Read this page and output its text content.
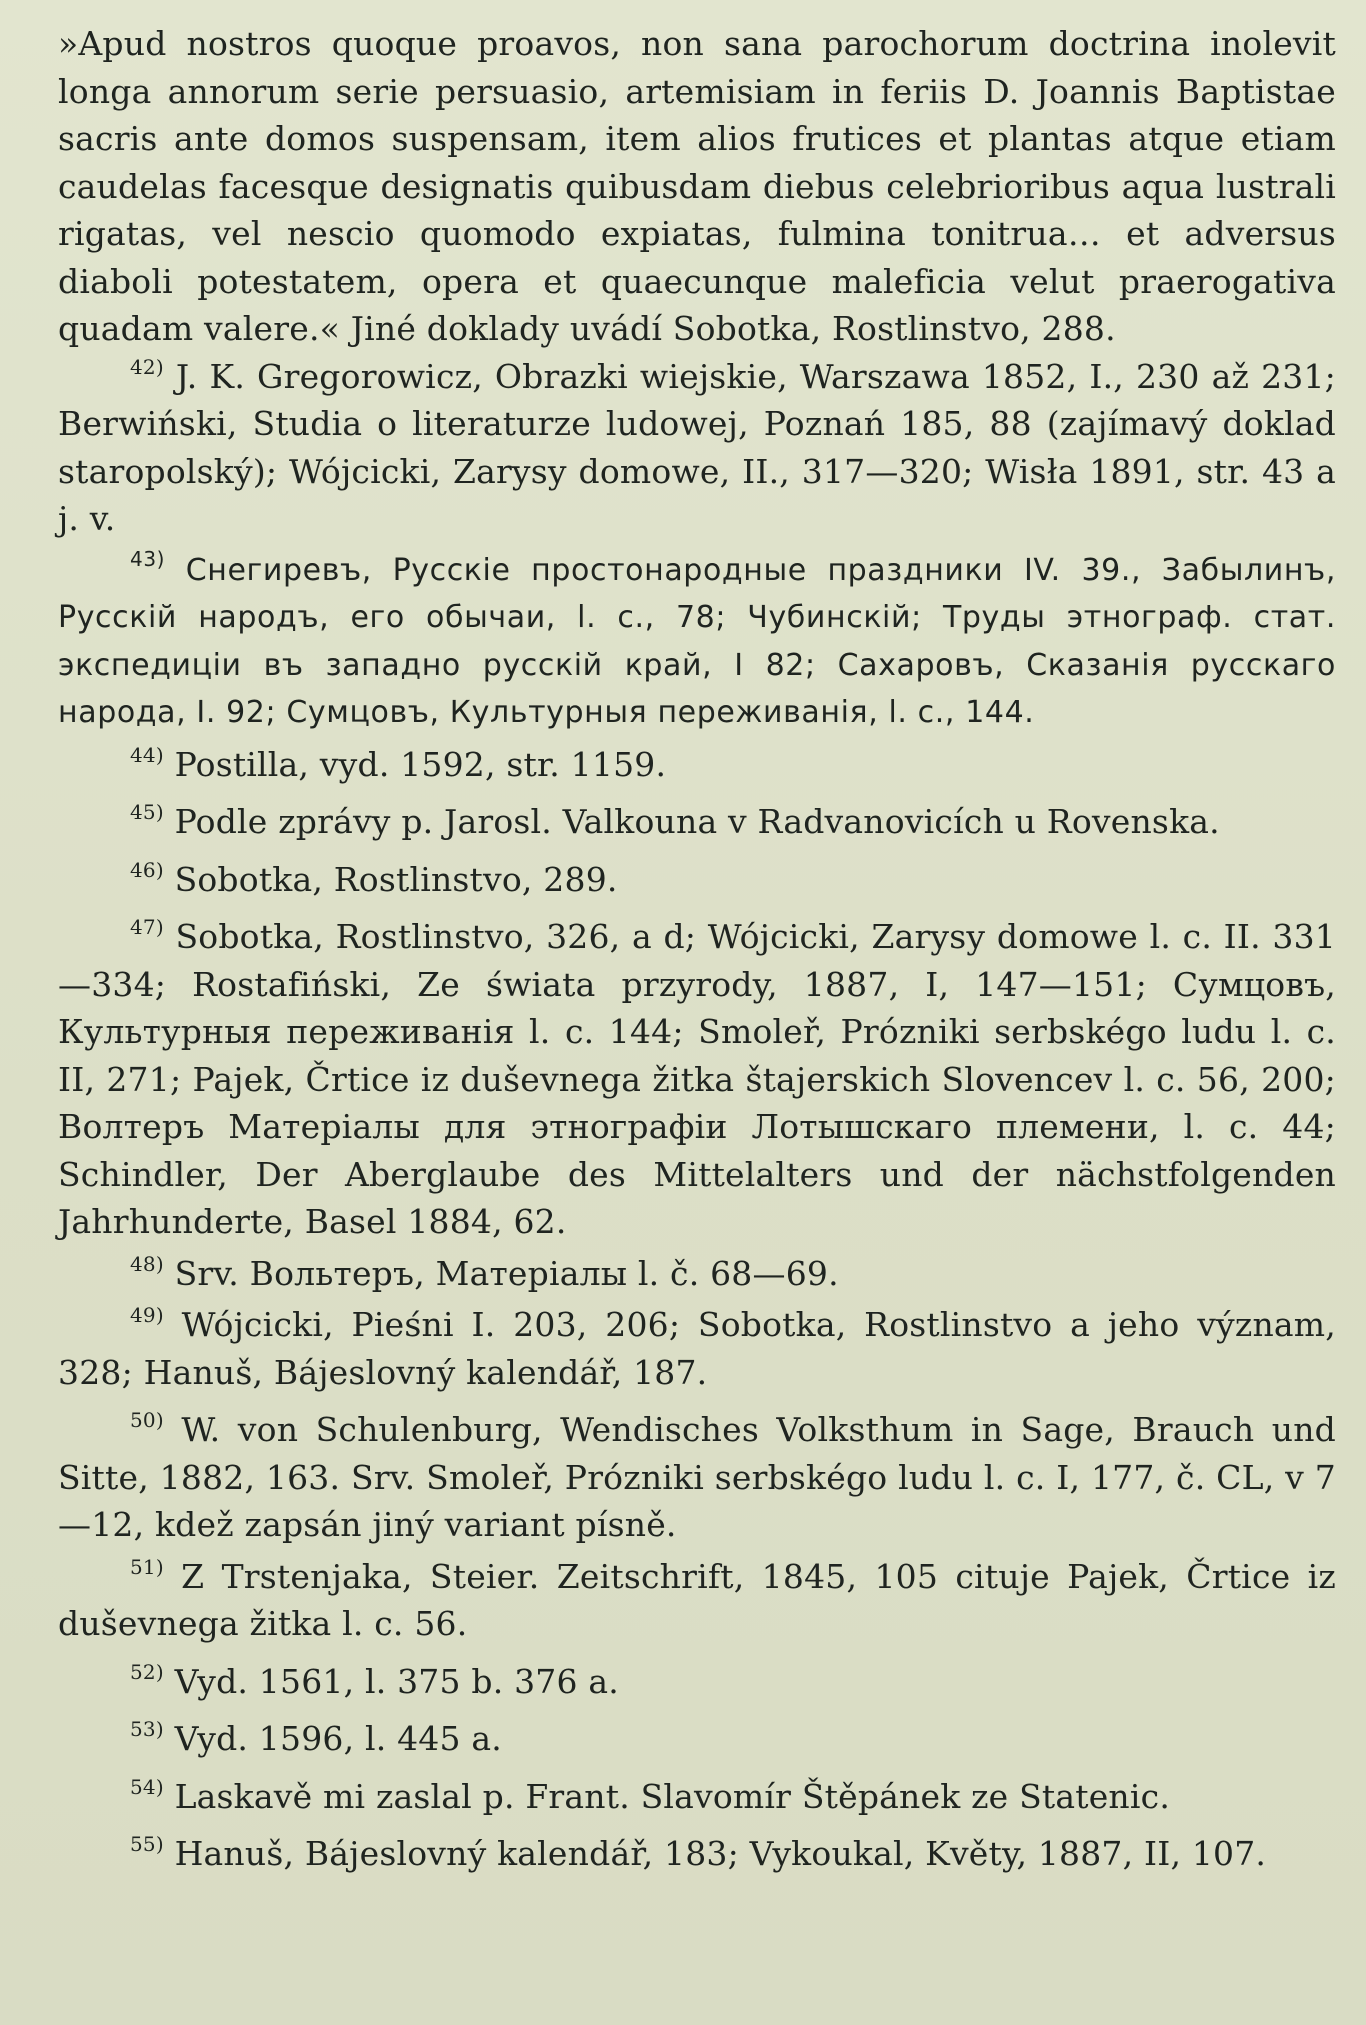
»Apud nostros quoque proavos, non sana parochorum doctrina inolevit longa annorum serie persuasio, artemisiam in feriis D. Joannis Baptistae sacris ante domos suspensam, item alios frutices et plantas atque etiam caudelas facesque designatis quibusdam diebus celebrioribus aqua lustrali rigatas, vel nescio quomodo expiatas, fulmina tonitrua… et adversus diaboli potestatem, opera et quaecunque maleficia velut praerogativa quadam valere.« Jiné doklady uvádí Sobotka, Rostlinstvo, 288.

$^{42)}$ J. K. Gregorowicz, Obrazki wiejskie, Warszawa 1852, I., 230 až 231; Berwiński, Studia o literaturze ludowej, Poznań 185, 88 (zajímavý doklad staropolský); Wójcicki, Zarysy domowe, II., 317—320; Wisła 1891, str. 43 a j. v.

$^{43)}$ Снегиревъ, Русскіе простонародные праздники IV. 39., Забылинъ, Русскій народъ, его обычаи, l. c., 78; Чубинскій; Труды этнограф. стат. экспедиціи въ западно русскій край, I 82; Сахаровъ, Сказанія русскаго народа, I. 92; Сумцовъ, Культурныя переживанія, l. c., 144.

$^{44)}$ Postilla, vyd. 1592, str. 1159.

$^{45)}$ Podle zprávy p. Jarosl. Valkouna v Radvanovicích u Rovenska.

$^{46)}$ Sobotka, Rostlinstvo, 289.

$^{47)}$ Sobotka, Rostlinstvo, 326, a d; Wójcicki, Zarysy domowe l. c. II. 331—334; Rostafiński, Ze świata przyrody, 1887, I, 147—151; Сумцовъ, Культурныя переживанія l. c. 144; Smoleř, Prózniki serbskégo ludu l. c. II, 271; Pajek, Črtice iz duševnega žitka štajerskich Slovencev l. c. 56, 200; Волтеръ Матеріалы для этнографіи Лотышскаго племени, l. c. 44; Schindler, Der Aberglaube des Mittelalters und der nächstfolgenden Jahrhunderte, Basel 1884, 62.

$^{48)}$ Srv. Вольтеръ, Матеріалы l. č. 68—69.

$^{49)}$ Wójcicki, Pieśni I. 203, 206; Sobotka, Rostlinstvo a jeho význam, 328; Hanuš, Bájeslovný kalendář, 187.

$^{50)}$ W. von Schulenburg, Wendisches Volksthum in Sage, Brauch und Sitte, 1882, 163. Srv. Smoleř, Prózniki serbskégo ludu l. c. I, 177, č. CL, v 7—12, kdež zapsán jiný variant písně.

$^{51)}$ Z Trstenjaka, Steier. Zeitschrift, 1845, 105 cituje Pajek, Črtice iz duševnega žitka l. c. 56.

$^{52)}$ Vyd. 1561, l. 375 b. 376 a.

$^{53)}$ Vyd. 1596, l. 445 a.

$^{54)}$ Laskavě mi zaslal p. Frant. Slavomír Štěpánek ze Statenic.

$^{55)}$ Hanuš, Bájeslovný kalendář, 183; Vykoukal, Květy, 1887, II, 107.
